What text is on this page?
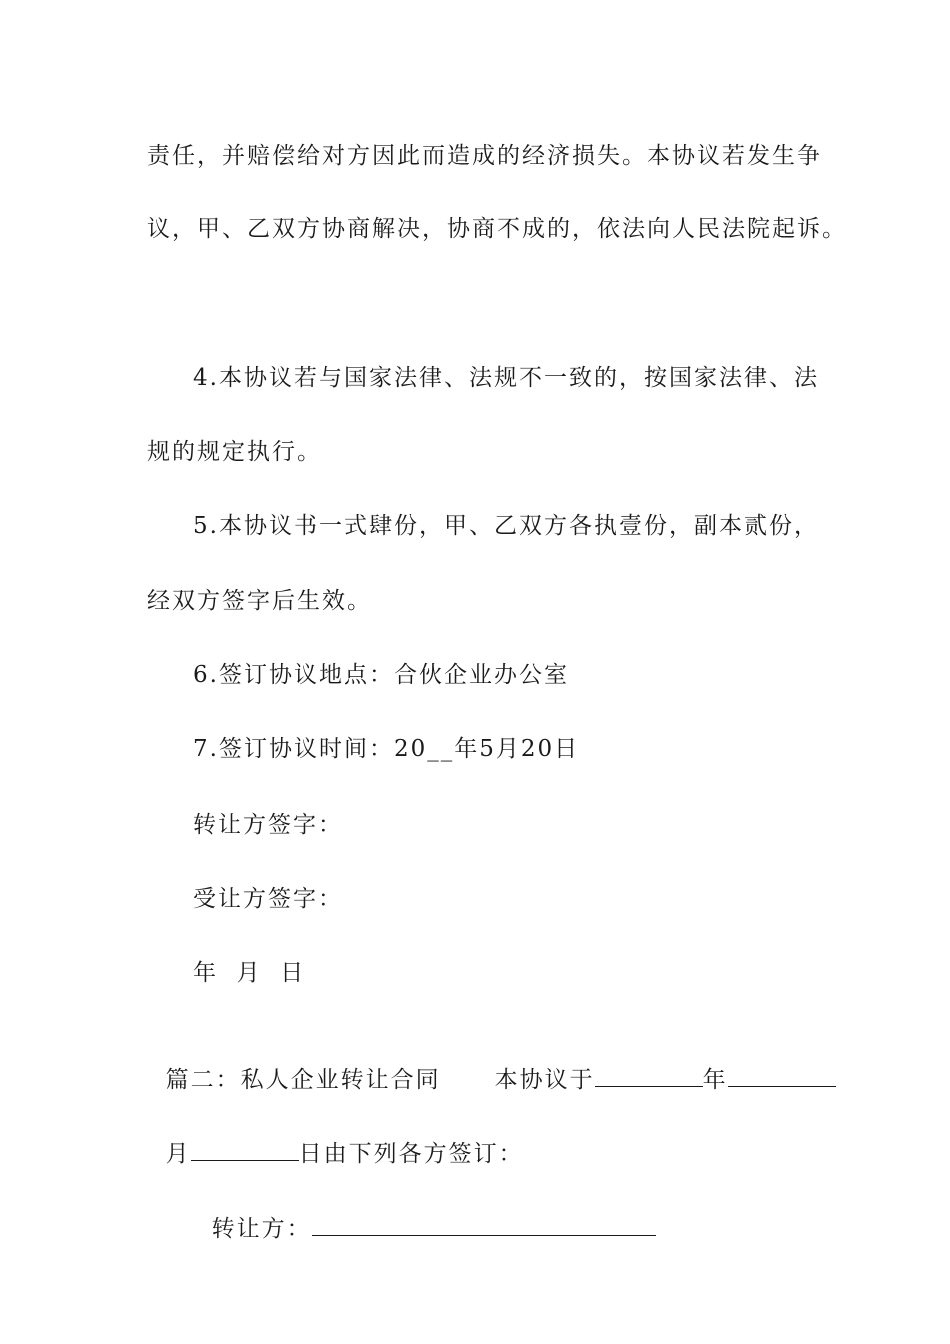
责任，并赔偿给对方因此而造成的经济损失。本协议若发生争
议，甲、乙双方协商解决，协商不成的，依法向人民法院起诉。
4.本协议若与国家法律、法规不一致的，按国家法律、法
规的规定执行。
5.本协议书一式肆份，甲、乙双方各执壹份，副本贰份，
经双方签字后生效。
6.签订协议地点：合伙企业办公室
7.签订协议时间：20__年5月20日
转让方签字：
受让方签字：
年  月  日

篇二：私人企业转让合同 本协议于	年

月	日由下列各方签订：

转让方：
